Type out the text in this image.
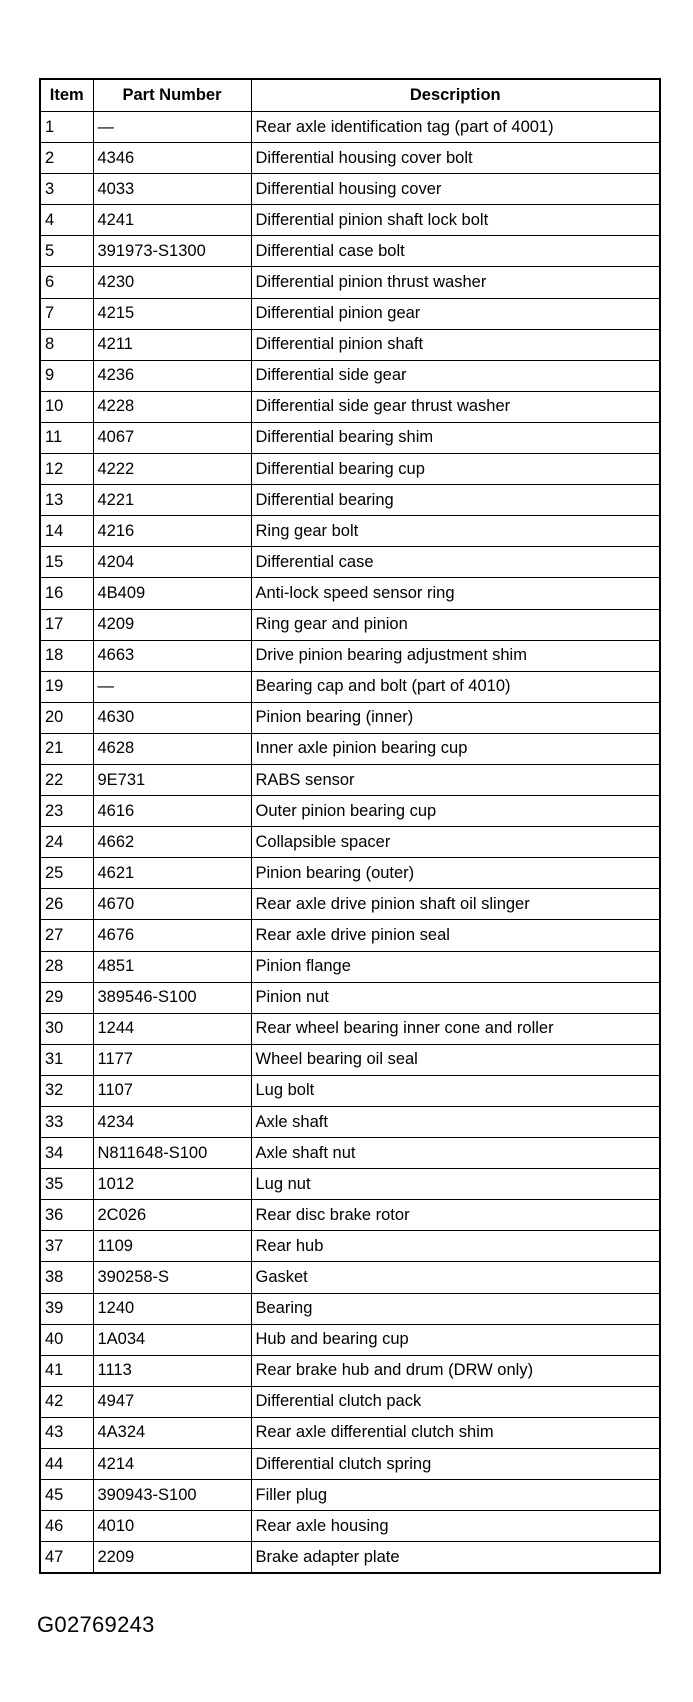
Item	Part Number	Description
1	—	Rear axle identification tag (part of 4001)
2	4346	Differential housing cover bolt
3	4033	Differential housing cover
4	4241	Differential pinion shaft lock bolt
5	391973-S1300	Differential case bolt
6	4230	Differential pinion thrust washer
7	4215	Differential pinion gear
8	4211	Differential pinion shaft
9	4236	Differential side gear
10	4228	Differential side gear thrust washer
11	4067	Differential bearing shim
12	4222	Differential bearing cup
13	4221	Differential bearing
14	4216	Ring gear bolt
15	4204	Differential case
16	4B409	Anti-lock speed sensor ring
17	4209	Ring gear and pinion
18	4663	Drive pinion bearing adjustment shim
19	—	Bearing cap and bolt (part of 4010)
20	4630	Pinion bearing (inner)
21	4628	Inner axle pinion bearing cup
22	9E731	RABS sensor
23	4616	Outer pinion bearing cup
24	4662	Collapsible spacer
25	4621	Pinion bearing (outer)
26	4670	Rear axle drive pinion shaft oil slinger
27	4676	Rear axle drive pinion seal
28	4851	Pinion flange
29	389546-S100	Pinion nut
30	1244	Rear wheel bearing inner cone and roller
31	1177	Wheel bearing oil seal
32	1107	Lug bolt
33	4234	Axle shaft
34	N811648-S100	Axle shaft nut
35	1012	Lug nut
36	2C026	Rear disc brake rotor
37	1109	Rear hub
38	390258-S	Gasket
39	1240	Bearing
40	1A034	Hub and bearing cup
41	1113	Rear brake hub and drum (DRW only)
42	4947	Differential clutch pack
43	4A324	Rear axle differential clutch shim
44	4214	Differential clutch spring
45	390943-S100	Filler plug
46	4010	Rear axle housing
47	2209	Brake adapter plate
G02769243
